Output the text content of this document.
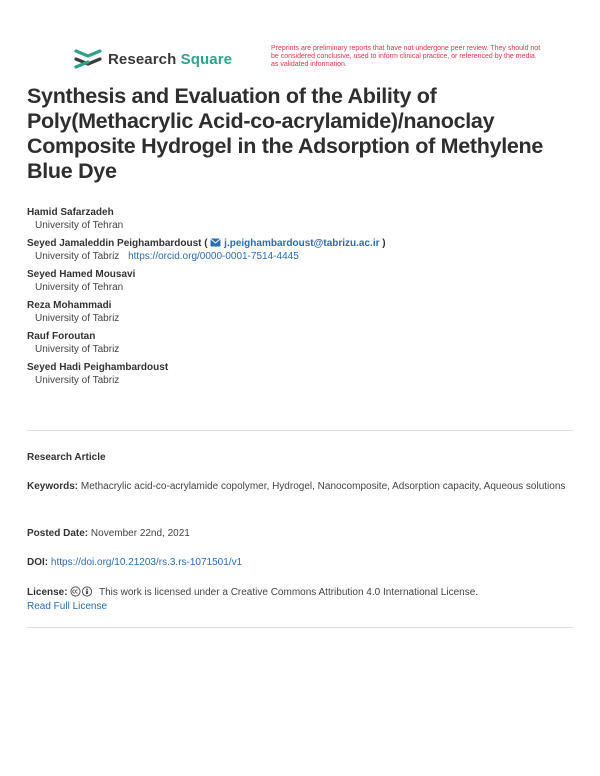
Research Square
Preprints are preliminary reports that have not undergone peer review. They should not be considered conclusive, used to inform clinical practice, or referenced by the media as validated information.
Synthesis and Evaluation of the Ability of Poly(Methacrylic Acid-co-acrylamide)/nanoclay Composite Hydrogel in the Adsorption of Methylene Blue Dye
Hamid Safarzadeh
University of Tehran
Seyed Jamaleddin Peighambardoust (  j.peighambardoust@tabrizu.ac.ir )
University of Tabriz https://orcid.org/0000-0001-7514-4445
Seyed Hamed Mousavi
University of Tehran
Reza Mohammadi
University of Tabriz
Rauf Foroutan
University of Tabriz
Seyed Hadi Peighambardoust
University of Tabriz
Research Article
Keywords: Methacrylic acid-co-acrylamide copolymer, Hydrogel, Nanocomposite, Adsorption capacity, Aqueous solutions
Posted Date: November 22nd, 2021
DOI: https://doi.org/10.21203/rs.3.rs-1071501/v1
License:	This work is licensed under a Creative Commons Attribution 4.0 International License.
Read Full License
